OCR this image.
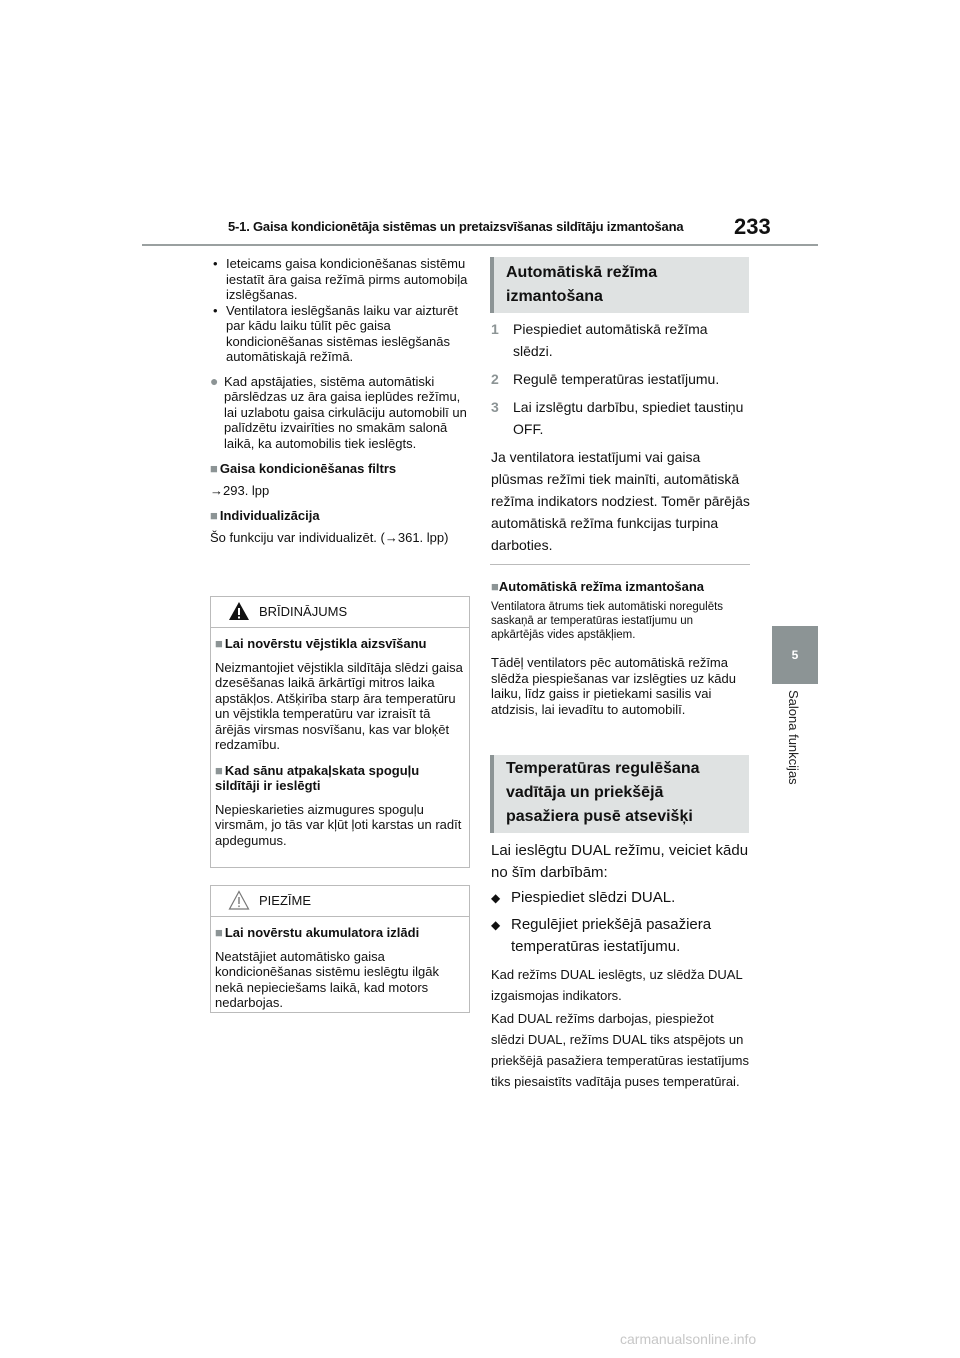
5-1. Gaisa kondicionētāja sistēmas un pretaizsvīšanas sildītāju izmantošana 233
5
Salona funkcijas
• Ieteicams gaisa kondicionēšanas sistēmu iestatīt āra gaisa režīmā pirms automobiļa izslēgšanas.
• Ventilatora ieslēgšanās laiku var aizturēt par kādu laiku tūlīt pēc gaisa kondicionēšanas sistēmas ieslēgšanās automātiskajā režīmā.
● Kad apstājaties, sistēma automātiski pārslēdzas uz āra gaisa ieplūdes režīmu, lai uzlabotu gaisa cirkulāciju automobilī un palīdzētu izvairīties no smakām salonā laikā, ka automobilis tiek ieslēgts.
■ Gaisa kondicionēšanas filtrs
→293. lpp
■ Individualizācija
Šo funkciju var individualizēt. (→361. lpp)
BRĪDINĀJUMS
■ Lai novērstu vējstikla aizsvīšanu
Neizmantojiet vējstikla sildītāja slēdzi gaisa dzesēšanas laikā ārkārtīgi mitros laika apstākļos. Atšķirība starp āra temperatūru un vējstikla temperatūru var izraisīt tā ārējās virsmas nosvīšanu, kas var bloķēt redzamību.
■ Kad sānu atpakaļskata spoguļu sildītāji ir ieslēgti
Nepieskarieties aizmugures spoguļu virsmām, jo tās var kļūt ļoti karstas un radīt apdegumus.
PIEZĪME
■ Lai novērstu akumulatora izlādi
Neatstājiet automātisko gaisa kondicionēšanas sistēmu ieslēgtu ilgāk nekā nepieciešams laikā, kad motors nedarbojas.
Automātiskā režīma izmantošana
1 Piespiediet automātiskā režīma slēdzi.
2 Regulē temperatūras iestatījumu.
3 Lai izslēgtu darbību, spiediet taustiņu OFF.
Ja ventilatora iestatījumi vai gaisa plūsmas režīmi tiek mainīti, automātiskā režīma indikators nodziest. Tomēr pārējās automātiskā režīma funkcijas turpina darboties.
■Automātiskā režīma izmantošana
Ventilatora ātrums tiek automātiski noregulēts saskaņā ar temperatūras iestatījumu un apkārtējās vides apstākļiem.
Tādēļ ventilators pēc automātiskā režīma slēdža piespiešanas var izslēgties uz kādu laiku, līdz gaiss ir pietiekami sasilis vai atdzisis, lai ievadītu to automobilī.
Temperatūras regulēšana vadītāja un priekšējā pasažiera pusē atsevišķi
Lai ieslēgtu DUAL režīmu, veiciet kādu no šīm darbībām:
◆ Piespiediet slēdzi DUAL.
◆ Regulējiet priekšējā pasažiera temperatūras iestatījumu.
Kad režīms DUAL ieslēgts, uz slēdža DUAL izgaismojas indikators.
Kad DUAL režīms darbojas, piespiežot slēdzi DUAL, režīms DUAL tiks atspējots un priekšējā pasažiera temperatūras iestatījums tiks piesaistīts vadītāja puses temperatūrai.
carmanualsonline.info
